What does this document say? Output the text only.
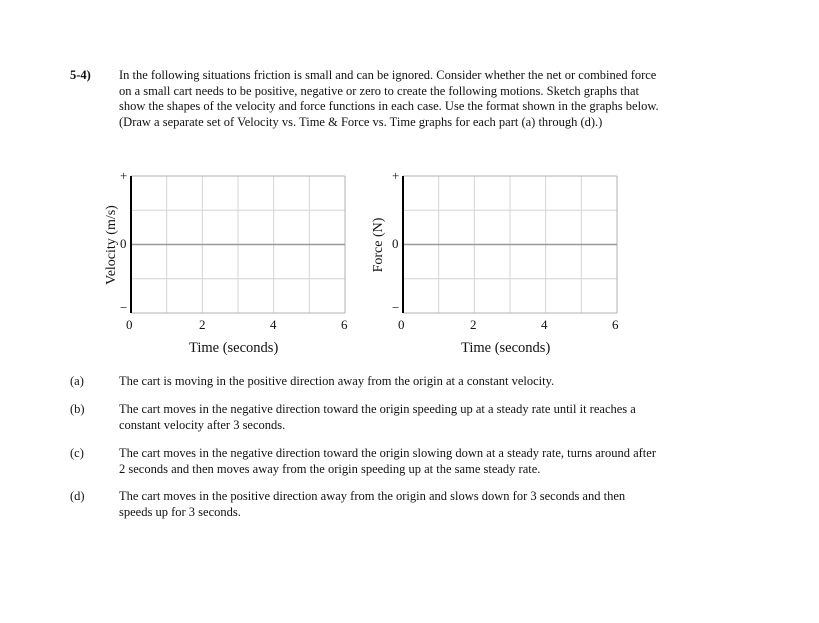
5-4) In the following situations friction is small and can be ignored. Consider whether the net or combined force on a small cart needs to be positive, negative or zero to create the following motions. Sketch graphs that show the shapes of the velocity and force functions in each case. Use the format shown in the graphs below. (Draw a separate set of Velocity vs. Time & Force vs. Time graphs for each part (a) through (d).)
Velocity (m/s)
+
0
−
0	2	4	6
Time (seconds)
Force (N)
+
0
−
0	2	4	6
Time (seconds)
(a)	The cart is moving in the positive direction away from the origin at a constant velocity.
(b)	The cart moves in the negative direction toward the origin speeding up at a steady rate until it reaches a constant velocity after 3 seconds.
(c)	The cart moves in the negative direction toward the origin slowing down at a steady rate, turns around after 2 seconds and then moves away from the origin speeding up at the same steady rate.
(d)	The cart moves in the positive direction away from the origin and slows down for 3 seconds and then speeds up for 3 seconds.
